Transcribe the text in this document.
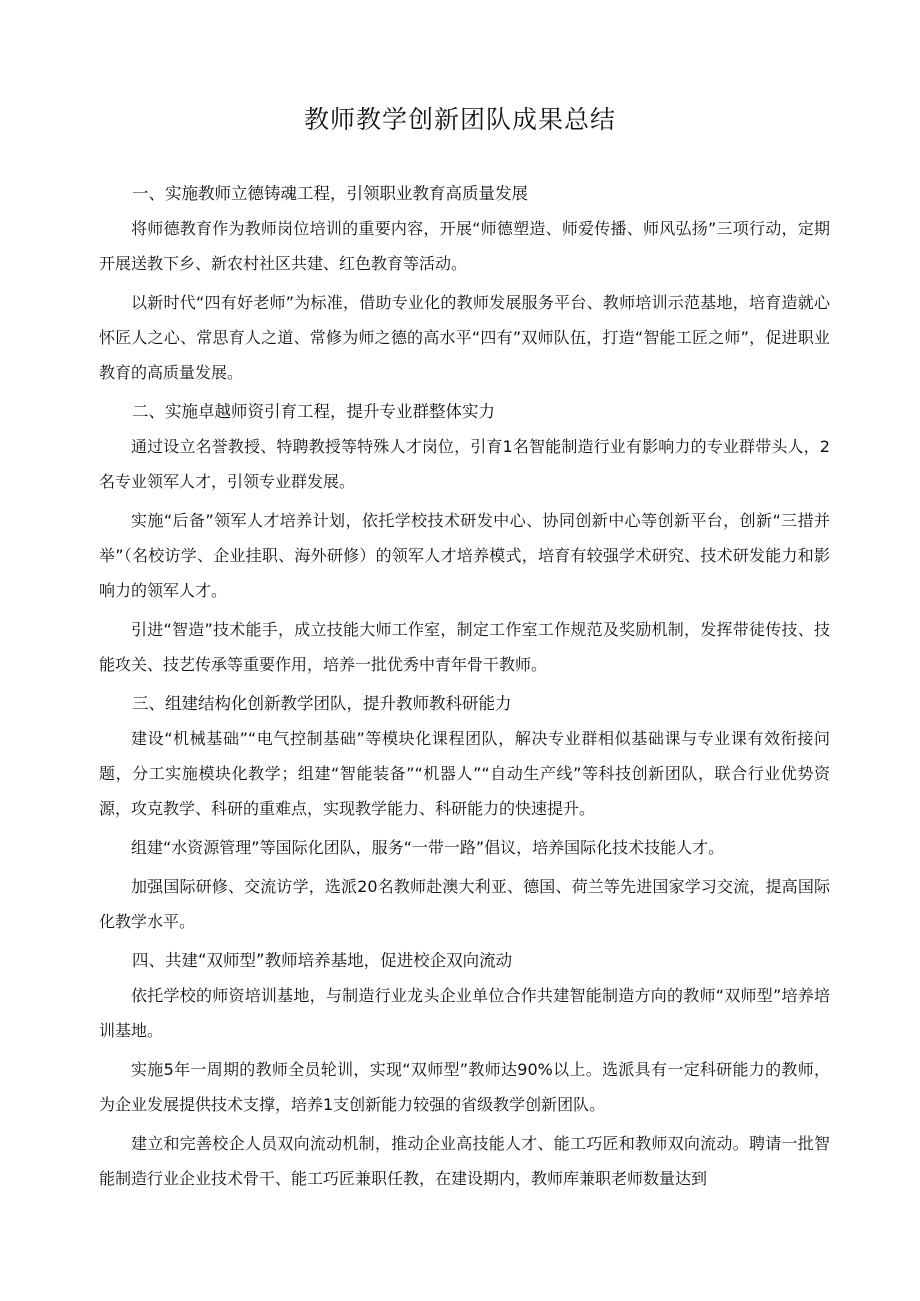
教师教学创新团队成果总结

一、实施教师立德铸魂工程，引领职业教育高质量发展

将师德教育作为教师岗位培训的重要内容，开展“师德塑造、师爱传播、师风弘扬”三项行动，定期开展送教下乡、新农村社区共建、红色教育等活动。

以新时代“四有好老师”为标准，借助专业化的教师发展服务平台、教师培训示范基地，培育造就心怀匠人之心、常思育人之道、常修为师之德的高水平“四有”双师队伍，打造“智能工匠之师”，促进职业教育的高质量发展。

二、实施卓越师资引育工程，提升专业群整体实力

通过设立名誉教授、特聘教授等特殊人才岗位，引育1名智能制造行业有影响力的专业群带头人，2名专业领军人才，引领专业群发展。

实施“后备”领军人才培养计划，依托学校技术研发中心、协同创新中心等创新平台，创新“三措并举”（名校访学、企业挂职、海外研修）的领军人才培养模式，培育有较强学术研究、技术研发能力和影响力的领军人才。

引进“智造”技术能手，成立技能大师工作室，制定工作室工作规范及奖励机制，发挥带徒传技、技能攻关、技艺传承等重要作用，培养一批优秀中青年骨干教师。

三、组建结构化创新教学团队，提升教师教科研能力

建设“机械基础”“电气控制基础”等模块化课程团队，解决专业群相似基础课与专业课有效衔接问题，分工实施模块化教学；组建“智能装备”“机器人”“自动生产线”等科技创新团队，联合行业优势资源，攻克教学、科研的重难点，实现教学能力、科研能力的快速提升。

组建“水资源管理”等国际化团队，服务“一带一路”倡议，培养国际化技术技能人才。

加强国际研修、交流访学，选派20名教师赴澳大利亚、德国、荷兰等先进国家学习交流，提高国际化教学水平。

四、共建“双师型”教师培养基地，促进校企双向流动

依托学校的师资培训基地，与制造行业龙头企业单位合作共建智能制造方向的教师“双师型”培养培训基地。

实施5年一周期的教师全员轮训，实现“双师型”教师达90%以上。选派具有一定科研能力的教师，为企业发展提供技术支撑，培养1支创新能力较强的省级教学创新团队。

建立和完善校企人员双向流动机制，推动企业高技能人才、能工巧匠和教师双向流动。聘请一批智能制造行业企业技术骨干、能工巧匠兼职任教，在建设期内，教师库兼职老师数量达到
